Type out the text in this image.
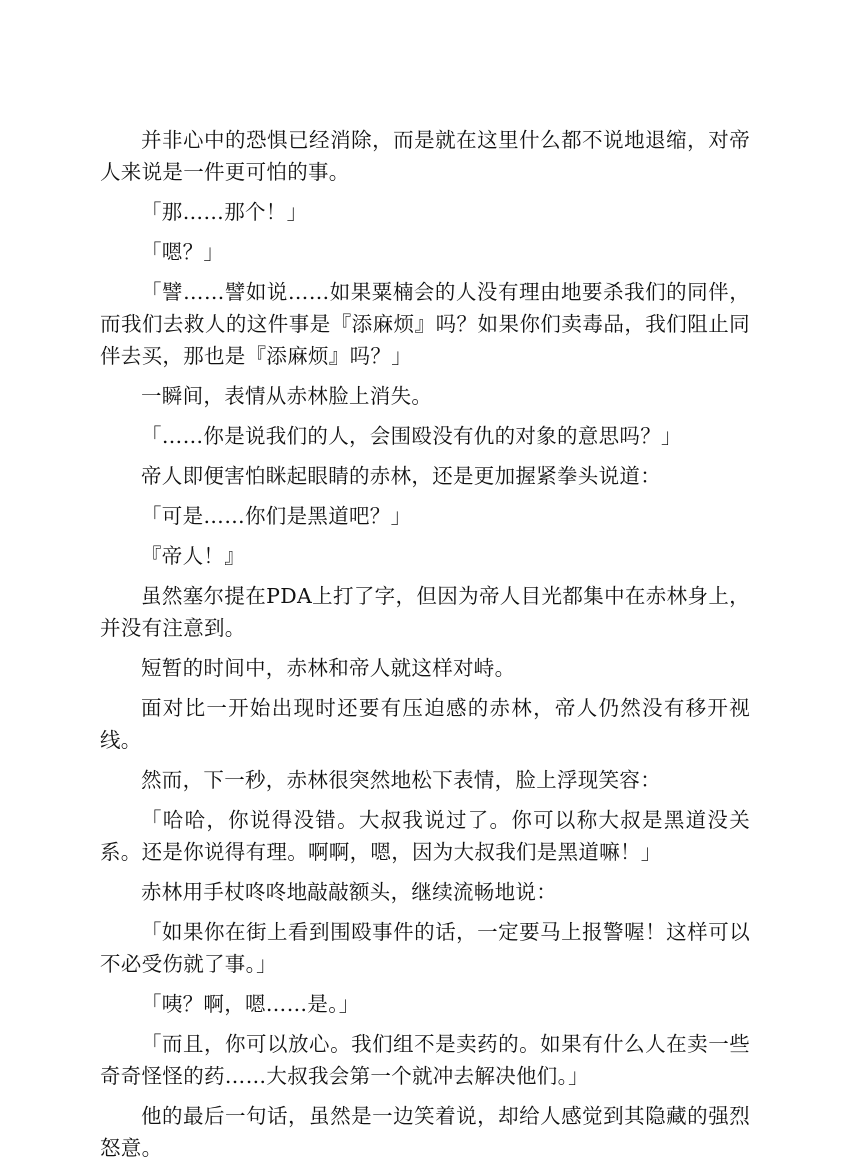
并非心中的恐惧已经消除，而是就在这里什么都不说地退缩，对帝人来说是一件更可怕的事。

「那……那个！」

「嗯？」

「譬……譬如说……如果粟楠会的人没有理由地要杀我们的同伴，而我们去救人的这件事是『添麻烦』吗？如果你们卖毒品，我们阻止同伴去买，那也是『添麻烦』吗？」

一瞬间，表情从赤林脸上消失。

「……你是说我们的人，会围殴没有仇的对象的意思吗？」

帝人即便害怕眯起眼睛的赤林，还是更加握紧拳头说道：

「可是……你们是黑道吧？」

『帝人！』

虽然塞尔提在PDA上打了字，但因为帝人目光都集中在赤林身上，并没有注意到。

短暂的时间中，赤林和帝人就这样对峙。

面对比一开始出现时还要有压迫感的赤林，帝人仍然没有移开视线。

然而，下一秒，赤林很突然地松下表情，脸上浮现笑容：

「哈哈，你说得没错。大叔我说过了。你可以称大叔是黑道没关系。还是你说得有理。啊啊，嗯，因为大叔我们是黑道嘛！」

赤林用手杖咚咚地敲敲额头，继续流畅地说：

「如果你在街上看到围殴事件的话，一定要马上报警喔！这样可以不必受伤就了事。」

「咦？啊，嗯……是。」

「而且，你可以放心。我们组不是卖药的。如果有什么人在卖一些奇奇怪怪的药……大叔我会第一个就冲去解决他们。」

他的最后一句话，虽然是一边笑着说，却给人感觉到其隐藏的强烈怒意。
